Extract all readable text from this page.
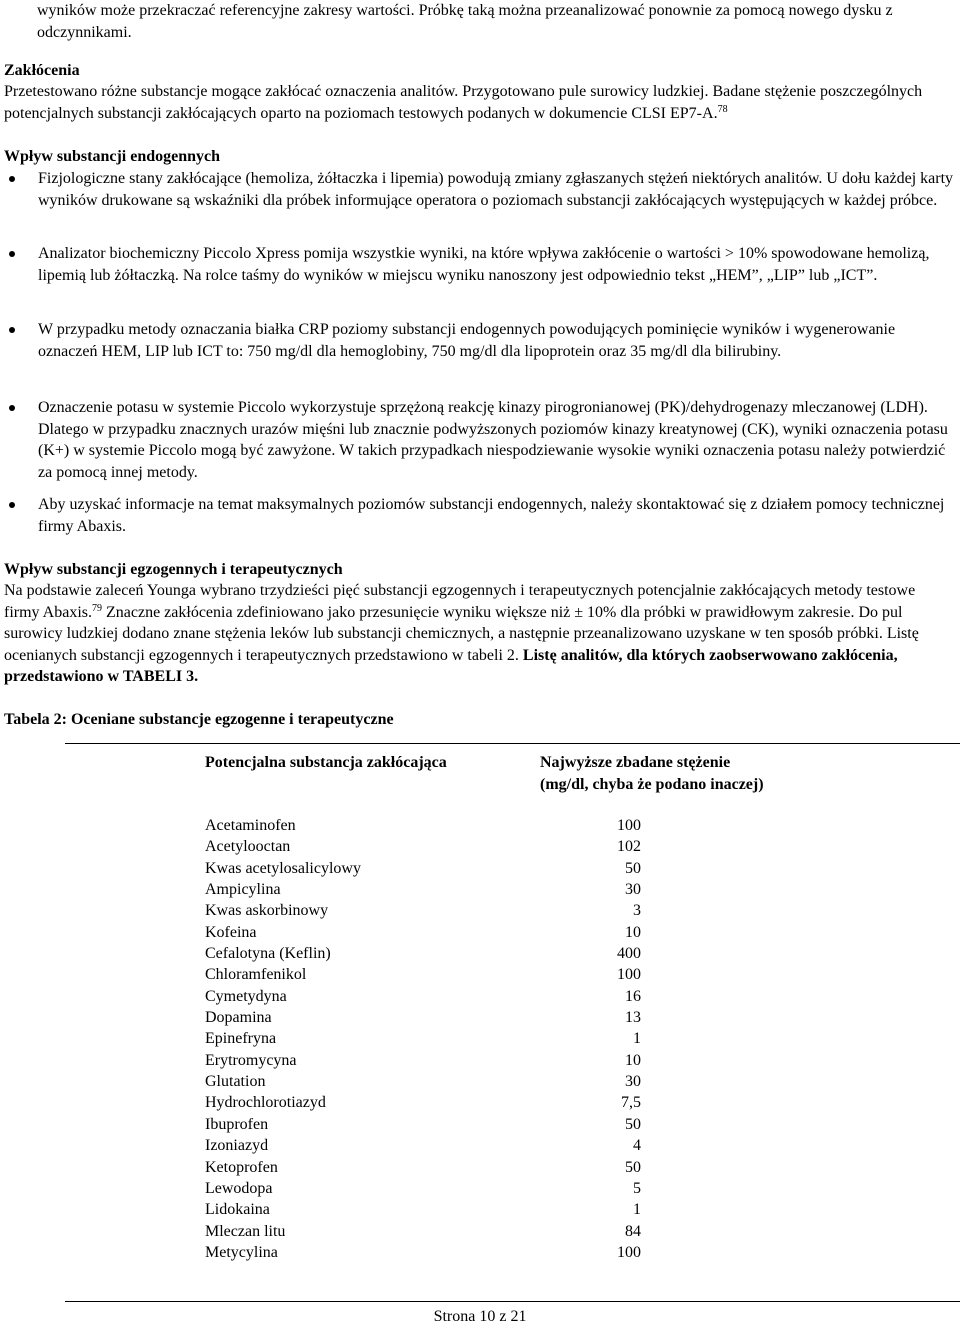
wyników może przekraczać referencyjne zakresy wartości. Próbkę taką można przeanalizować ponownie za pomocą nowego dysku z odczynnikami.

Zakłócenia

Przetestowano różne substancje mogące zakłócać oznaczenia analitów. Przygotowano pule surowicy ludzkiej. Badane stężenie poszczególnych potencjalnych substancji zakłócających oparto na poziomach testowych podanych w dokumencie CLSI EP7-A.$^{78}$

Wpływ substancji endogennych
Fizjologiczne stany zakłócające (hemoliza, żółtaczka i lipemia) powodują zmiany zgłaszanych stężeń niektórych analitów. U dołu każdej karty wyników drukowane są wskaźniki dla próbek informujące operatora o poziomach substancji zakłócających występujących w każdej próbce.
Analizator biochemiczny Piccolo Xpress pomija wszystkie wyniki, na które wpływa zakłócenie o wartości > 10% spowodowane hemolizą, lipemią lub żółtaczką. Na rolce taśmy do wyników w miejscu wyniku nanoszony jest odpowiednio tekst „HEM”, „LIP” lub „ICT”.
W przypadku metody oznaczania białka CRP poziomy substancji endogennych powodujących pominięcie wyników i wygenerowanie oznaczeń HEM, LIP lub ICT to: 750 mg/dl dla hemoglobiny, 750 mg/dl dla lipoprotein oraz 35 mg/dl dla bilirubiny.
Oznaczenie potasu w systemie Piccolo wykorzystuje sprzężoną reakcję kinazy pirogronianowej (PK)/dehydrogenazy mleczanowej (LDH). Dlatego w przypadku znacznych urazów mięśni lub znacznie podwyższonych poziomów kinazy kreatynowej (CK), wyniki oznaczenia potasu (K+) w systemie Piccolo mogą być zawyżone. W takich przypadkach niespodziewanie wysokie wyniki oznaczenia potasu należy potwierdzić za pomocą innej metody.
Aby uzyskać informacje na temat maksymalnych poziomów substancji endogennych, należy skontaktować się z działem pomocy technicznej firmy Abaxis.
Wpływ substancji egzogennych i terapeutycznych

Na podstawie zaleceń Younga wybrano trzydzieści pięć substancji egzogennych i terapeutycznych potencjalnie zakłócających metody testowe firmy Abaxis.$^{79}$ Znaczne zakłócenia zdefiniowano jako przesunięcie wyniku większe niż ± 10% dla próbki w prawidłowym zakresie. Do pul surowicy ludzkiej dodano znane stężenia leków lub substancji chemicznych, a następnie przeanalizowano uzyskane w ten sposób próbki. Listę ocenianych substancji egzogennych i terapeutycznych przedstawiono w tabeli 2. Listę analitów, dla których zaobserwowano zakłócenia, przedstawiono w TABELI 3.

Tabela 2: Oceniane substancje egzogenne i terapeutyczne
Potencjalna substancja zakłócająca	Najwyższe zbadane stężenie
(mg/dl, chyba że podano inaczej)
Acetaminofen	100
Acetylooctan	102
Kwas acetylosalicylowy	50
Ampicylina	30
Kwas askorbinowy	3
Kofeina	10
Cefalotyna (Keflin)	400
Chloramfenikol	100
Cymetydyna	16
Dopamina	13
Epinefryna	1
Erytromycyna	10
Glutation	30
Hydrochlorotiazyd	7,5
Ibuprofen	50
Izoniazyd	4
Ketoprofen	50
Lewodopa	5
Lidokaina	1
Mleczan litu	84
Metycylina	100
Strona 10 z 21
